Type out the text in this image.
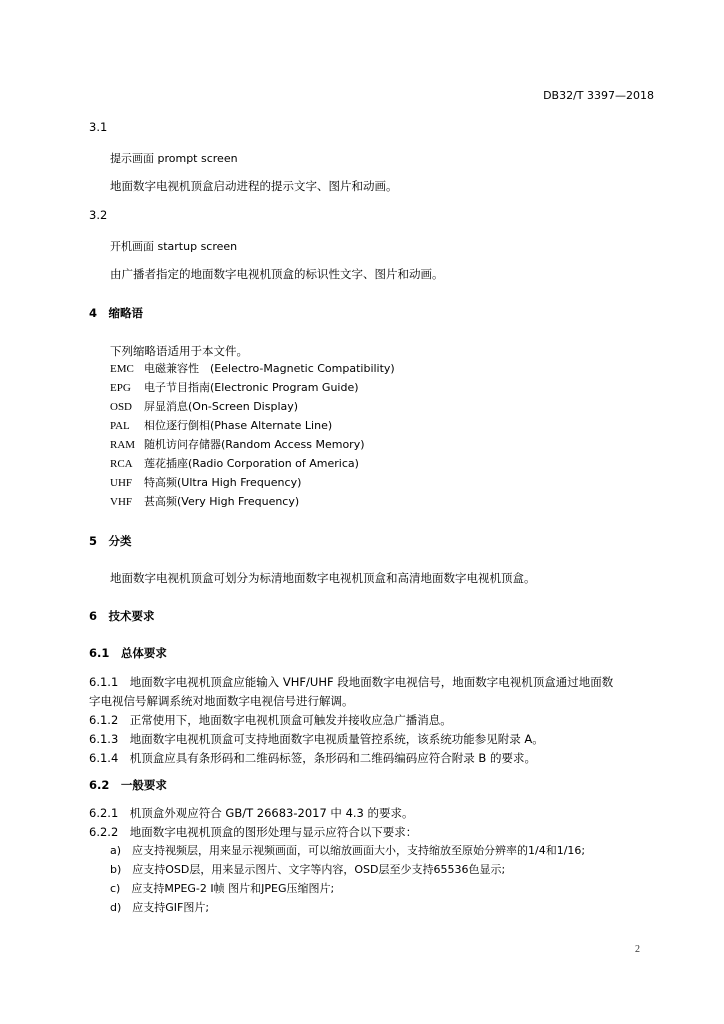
DB32/T 3397—2018
3.1
提示画面 prompt screen
地面数字电视机顶盒启动进程的提示文字、图片和动画。
3.2
开机画面 startup screen
由广播者指定的地面数字电视机顶盒的标识性文字、图片和动画。
4　缩略语
下列缩略语适用于本文件。
EMC 电磁兼容性　(Eelectro-Magnetic Compatibility)
EPG 电子节目指南(Electronic Program Guide)
OSD 屏显消息(On-Screen Display)
PAL 相位逐行倒相(Phase Alternate Line)
RAM 随机访问存储器(Random Access Memory)
RCA 莲花插座(Radio Corporation of America)
UHF 特高频(Ultra High Frequency)
VHF 甚高频(Very High Frequency)
5　分类
地面数字电视机顶盒可划分为标清地面数字电视机顶盒和高清地面数字电视机顶盒。
6　技术要求
6.1　总体要求
6.1.1　地面数字电视机顶盒应能输入 VHF/UHF 段地面数字电视信号，地面数字电视机顶盒通过地面数
字电视信号解调系统对地面数字电视信号进行解调。
6.1.2　正常使用下，地面数字电视机顶盒可触发并接收应急广播消息。
6.1.3　地面数字电视机顶盒可支持地面数字电视质量管控系统，该系统功能参见附录 A。
6.1.4　机顶盒应具有条形码和二维码标签，条形码和二维码编码应符合附录 B 的要求。
6.2　一般要求
6.2.1　机顶盒外观应符合 GB/T 26683-2017 中 4.3 的要求。
6.2.2　地面数字电视机顶盒的图形处理与显示应符合以下要求：
a)　应支持视频层，用来显示视频画面，可以缩放画面大小，支持缩放至原始分辨率的1/4和1/16;
b)　应支持OSD层，用来显示图片、文字等内容，OSD层至少支持65536色显示;
c)　应支持MPEG-2 I帧 图片和JPEG压缩图片;
d)　应支持GIF图片;
2
